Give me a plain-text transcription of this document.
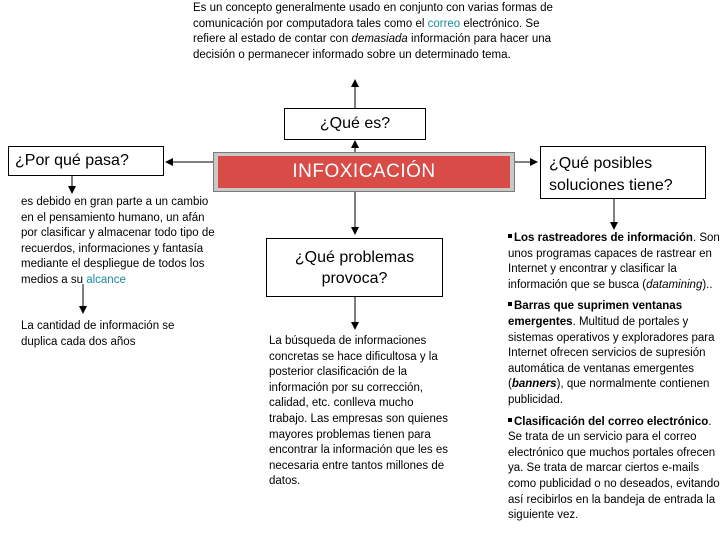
Es un concepto generalmente usado en conjunto con varias formas de comunicación por computadora tales como el correo electrónico. Se refiere al estado de contar con demasiada información para hacer una decisión o permanecer informado sobre un determinado tema.
¿Qué es?
INFOXICACIÓN
¿Por qué pasa?	¿Qué posibles soluciones tiene?
¿Qué problemas provoca?
es debido en gran parte a un cambio en el pensamiento humano, un afán por clasificar y almacenar todo tipo de recuerdos, informaciones y fantasía mediante el despliegue de todos los medios a su alcance
La cantidad de información se duplica cada dos años	La búsqueda de informaciones concretas se hace dificultosa y la posterior clasificación de la información por su corrección, calidad, etc. conlleva mucho trabajo. Las empresas son quienes mayores problemas tienen para encontrar la información que les es necesaria entre tantos millones de datos.
Los rastreadores de información. Son unos programas capaces de rastrear en Internet y encontrar y clasificar la información que se busca (datamining)..
Barras que suprimen ventanas emergentes. Multitud de portales y sistemas operativos y exploradores para Internet ofrecen servicios de supresión automática de ventanas emergentes (banners), que normalmente contienen publicidad.
Clasificación del correo electrónico. Se trata de un servicio para el correo electrónico que muchos portales ofrecen ya. Se trata de marcar ciertos e-mails como publicidad o no deseados, evitando así recibirlos en la bandeja de entrada la siguiente vez.
